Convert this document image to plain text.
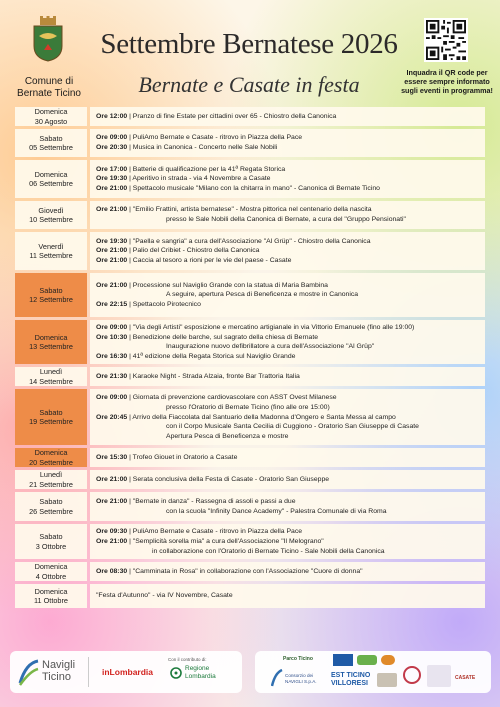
Comune di
Bernate Ticino
Settembre Bernatese 2026
Bernate e Casate in festa	Inquadra il QR code per
essere sempre informato
sugli eventi in programma!
Domenica
30 Agosto
Ore 12:00 | Pranzo di fine Estate per cittadini over 65 - Chiostro della Canonica
Sabato
05 Settembre
Ore 09:00 | PuliAmo Bernate e Casate - ritrovo in Piazza della Pace
Ore 20:30 | Musica in Canonica - Concerto nelle Sale Nobili
Domenica
06 Settembre
Ore 17:00 | Batterie di qualificazione per la 41ª Regata Storica
Ore 19:30 | Aperitivo in strada - via 4 Novembre a Casate
Ore 21:00 | Spettacolo musicale "Milano con la chitarra in mano" - Canonica di Bernate Ticino
Giovedì
10 Settembre
Ore 21:00 | "Emilio Frattini, artista bernatese" - Mostra pittorica nel centenario della nascita
presso le Sale Nobili della Canonica di Bernate, a cura del "Gruppo Pensionati"
Venerdì
11 Settembre
Ore 19:30 | "Paella e sangria" a cura dell'Associazione "Al Grüp" - Chiostro della Canonica
Ore 21:00 | Palio del Cribiet - Chiostro della Canonica
Ore 21:00 | Caccia al tesoro a rioni per le vie del paese - Casate
Sabato
12 Settembre
Ore 21:00 | Processione sul Naviglio Grande con la statua di Maria Bambina
A seguire, apertura Pesca di Beneficenza e mostre in Canonica
Ore 22:15 | Spettacolo Pirotecnico
Domenica
13 Settembre
Ore 09:00 | "Via degli Artisti" esposizione e mercatino artigianale in via Vittorio Emanuele (fino alle 19:00)
Ore 10:30 | Benedizione delle barche, sul sagrato della chiesa di Bernate
Inaugurazione nuovo defibrillatore a cura dell'Associazione "Al Grüp"
Ore 16:30 | 41ª edizione della Regata Storica sul Naviglio Grande
Lunedì
14 Settembre
Ore 21:30 | Karaoke Night - Strada Alzaia, fronte Bar Trattoria Italia
Sabato
19 Settembre
Ore 09:00 | Giornata di prevenzione cardiovascolare con ASST Ovest Milanese
presso l'Oratorio di Bernate Ticino (fino alle ore 15:00)
Ore 20:45 | Arrivo della Fiaccolata dal Santuario della Madonna d'Ongero e Santa Messa al campo
con il Corpo Musicale Santa Cecilia di Cuggiono - Oratorio San Giuseppe di Casate
Apertura Pesca di Beneficenza e mostre
Domenica
20 Settembre
Ore 15:30 | Trofeo Giouet in Oratorio a Casate
Lunedì
21 Settembre
Ore 21:00 | Serata conclusiva della Festa di Casate - Oratorio San Giuseppe
Sabato
26 Settembre
Ore 21:00 | "Bernate in danza" - Rassegna di assoli e passi a due
con la scuola "Infinity Dance Academy" - Palestra Comunale di via Roma
Sabato
3 Ottobre
Ore 09:30 | PuliAmo Bernate e Casate - ritrovo in Piazza della Pace
Ore 21:00 | "Semplicità sorella mia" a cura dell'Associazione "Il Melograno"
in collaborazione con l'Oratorio di Bernate Ticino - Sale Nobili della Canonica
Domenica
4 Ottobre
Ore 08:30 | "Camminata in Rosa" in collaborazione con l'Associazione "Cuore di donna"
Domenica
11 Ottobre
"Festa d'Autunno" - via IV Novembre, Casate
Navigli
Ticino	inLombardia
Con il contributo di:
Regione
Lombardia
Parco Ticino
Consorzio dei NAVIGLI S.p.A.
EST TICINO VILLORESI
CASATE
